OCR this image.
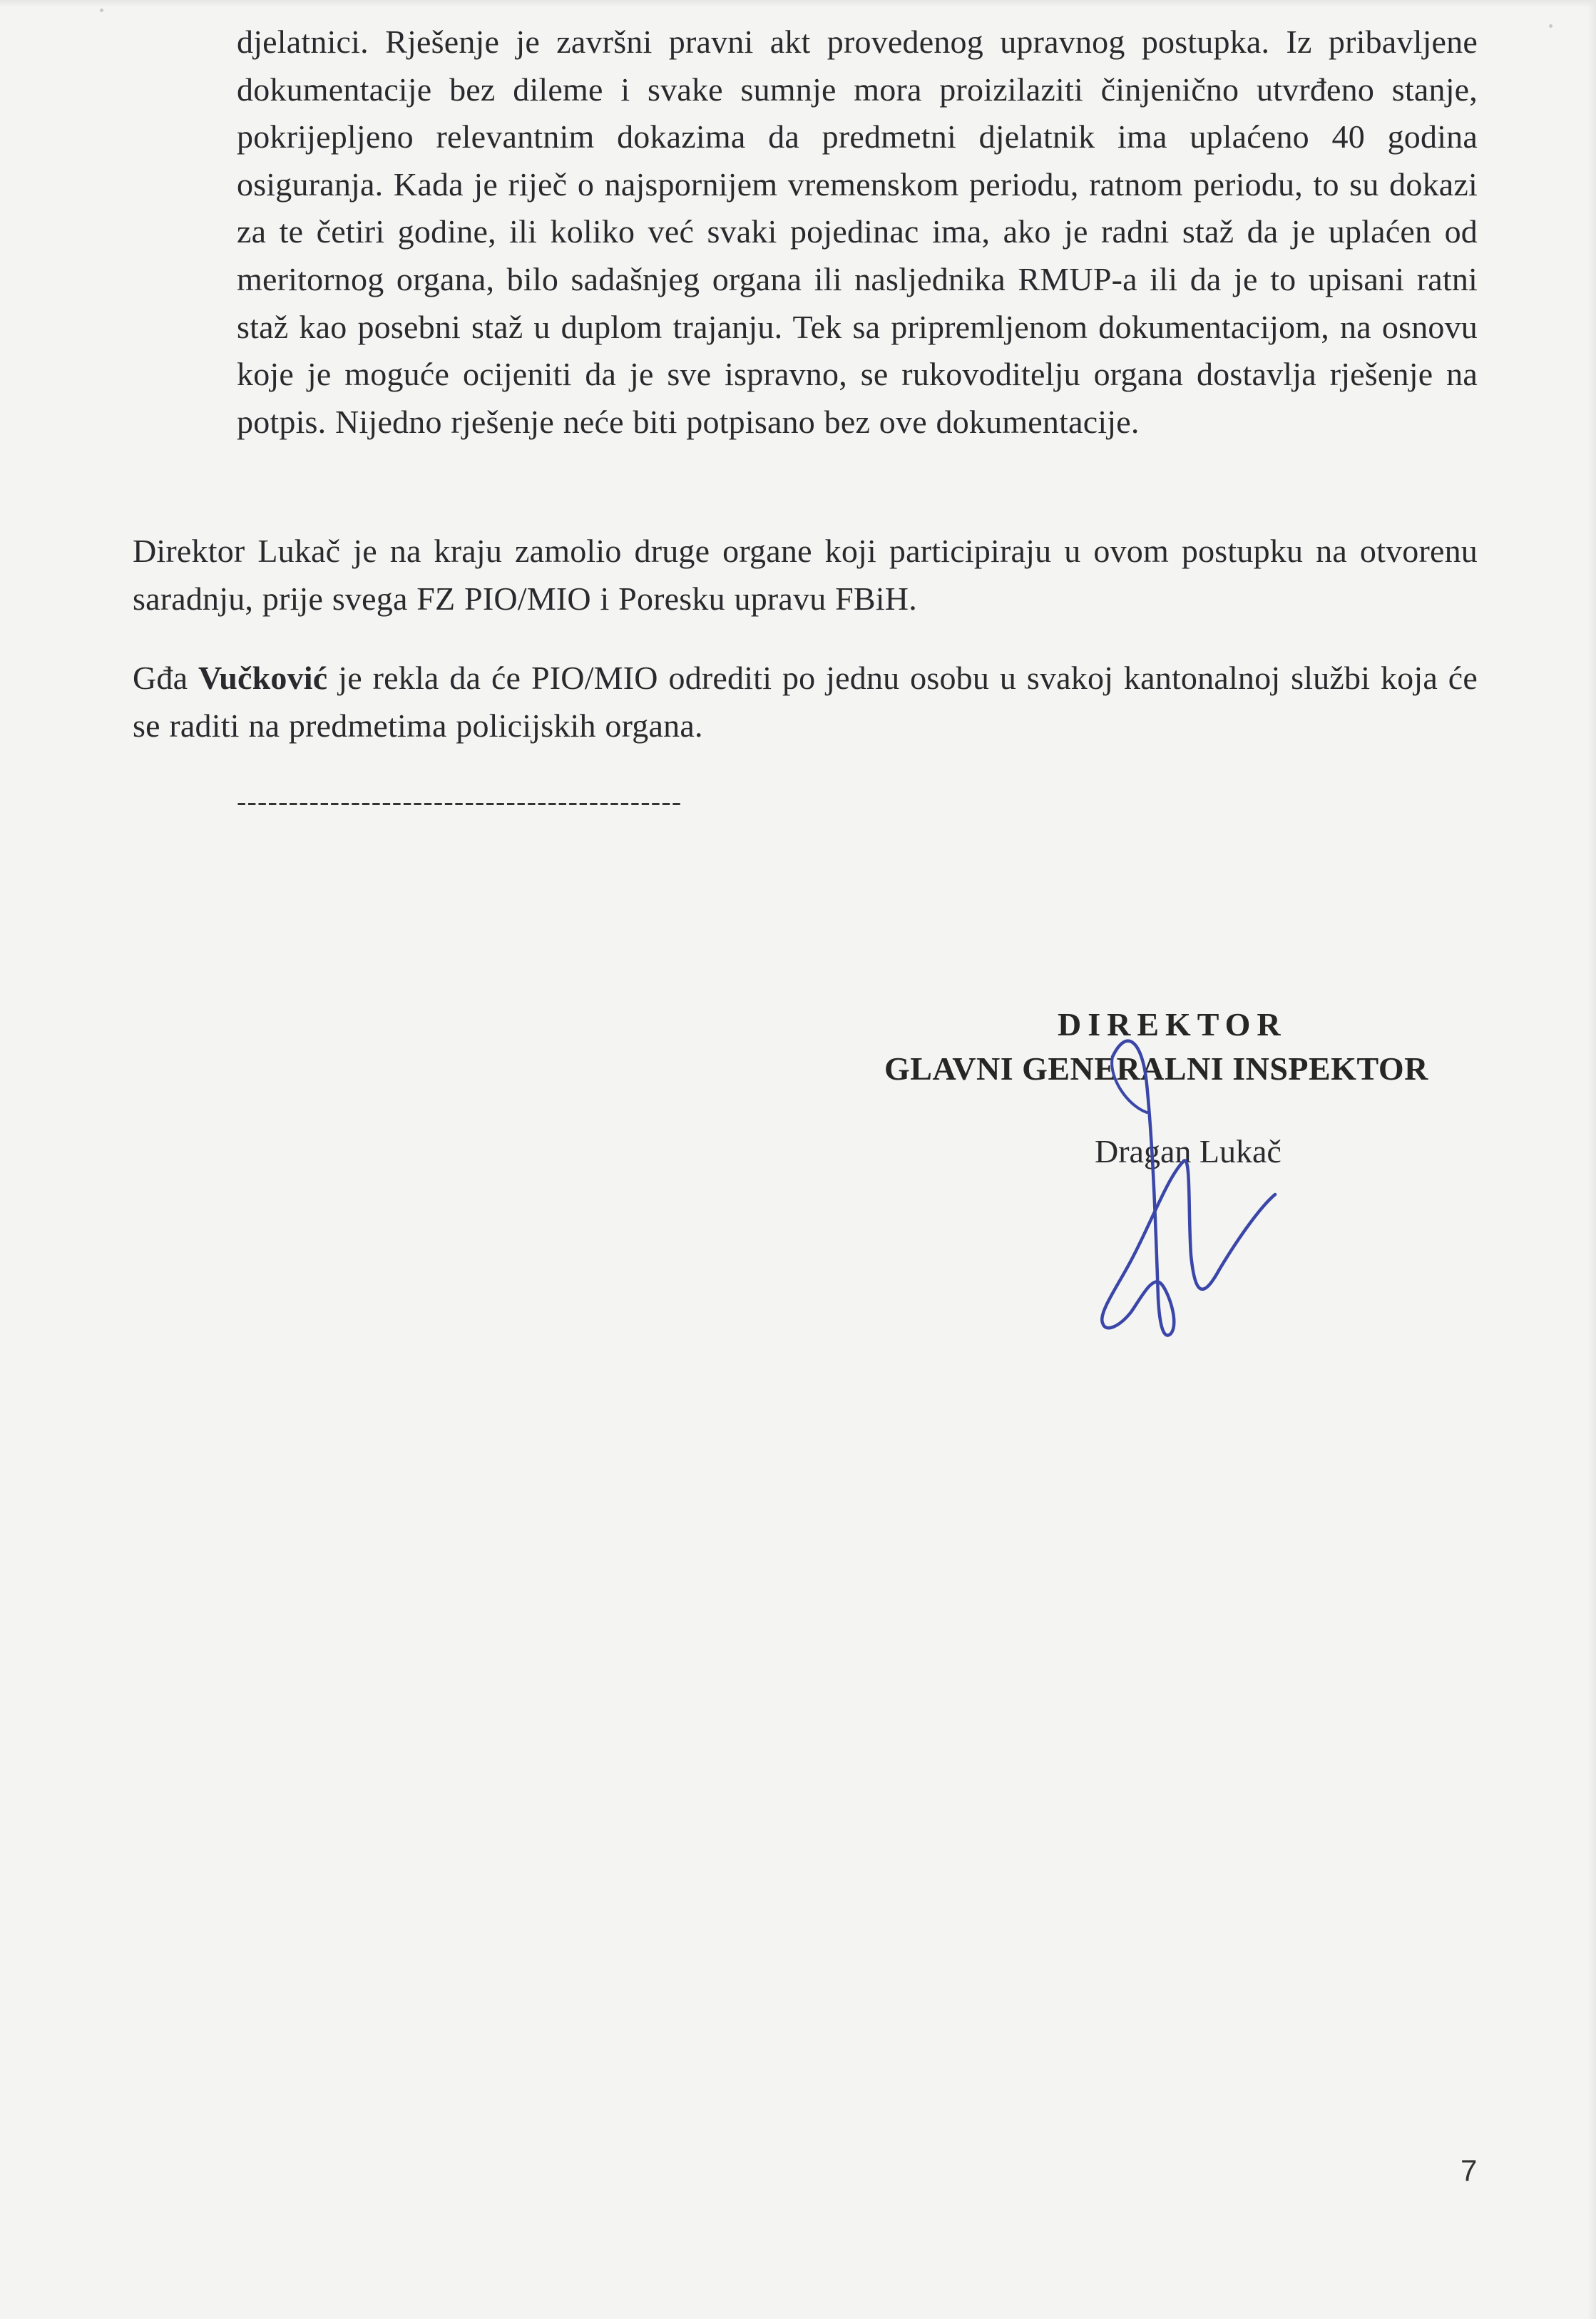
djelatnici. Rješenje je završni pravni akt provedenog upravnog postupka. Iz pribavljene dokumentacije bez dileme i svake sumnje mora proizilaziti činjenično utvrđeno stanje, pokrijepljeno relevantnim dokazima da predmetni djelatnik ima uplaćeno 40 godina osiguranja. Kada je riječ o najspornijem vremenskom periodu, ratnom periodu, to su dokazi za te četiri godine, ili koliko već svaki pojedinac ima, ako je radni staž da je uplaćen od meritornog organa, bilo sadašnjeg organa ili nasljednika RMUP-a ili da je to upisani ratni staž kao posebni staž u duplom trajanju. Tek sa pripremljenom dokumentacijom, na osnovu koje je moguće ocijeniti da je sve ispravno, se rukovoditelju organa dostavlja rješenje na potpis. Nijedno rješenje neće biti potpisano bez ove dokumentacije.

Direktor Lukač je na kraju zamolio druge organe koji participiraju u ovom postupku na otvorenu saradnju, prije svega FZ PIO/MIO i Poresku upravu FBiH.

Gđa Vučković je rekla da će PIO/MIO odrediti po jednu osobu u svakoj kantonalnoj službi koja će se raditi na predmetima policijskih organa.

-------------------------------------------
DIREKTOR
GLAVNI GENERALNI INSPEKTOR
Dragan Lukač
7
